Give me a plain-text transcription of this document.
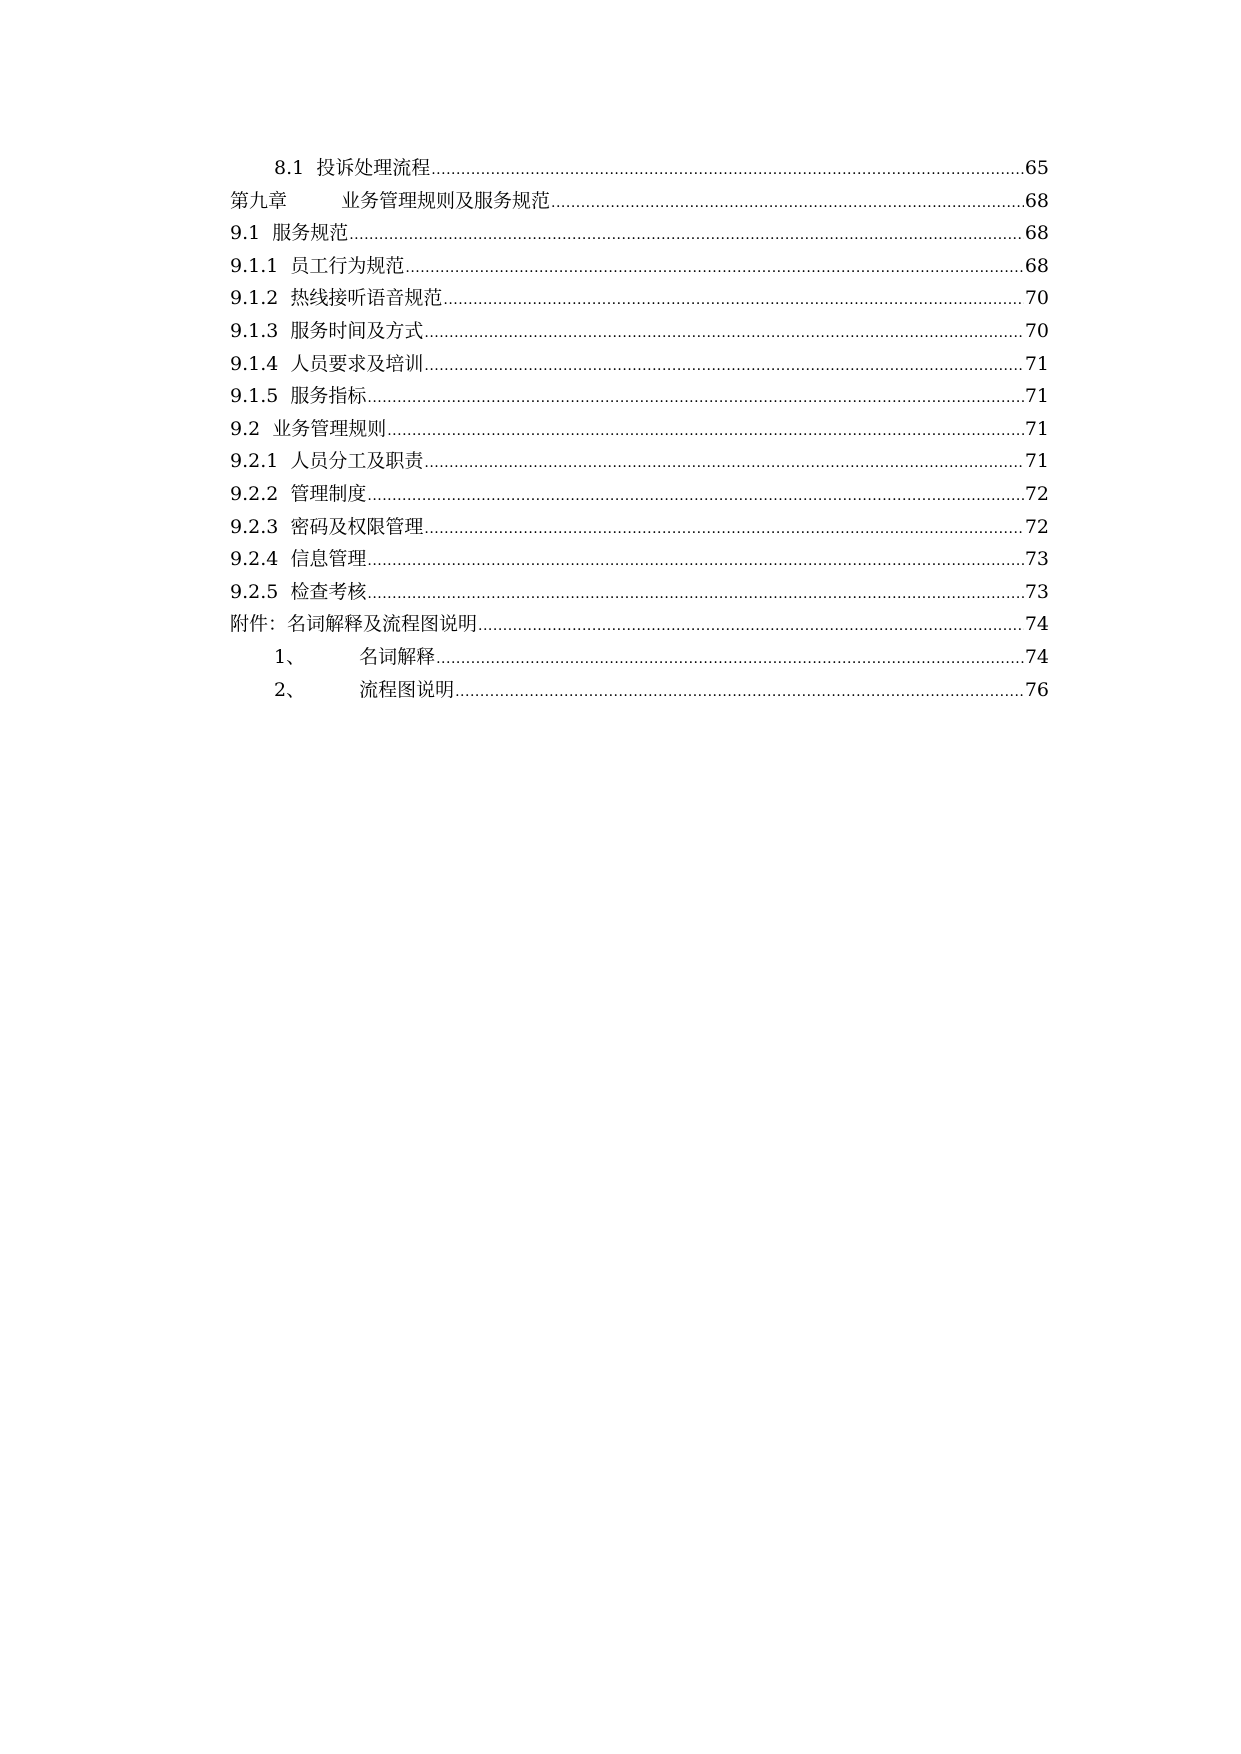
8.1 投诉处理流程 .....	65
第九章	业务管理规则及服务规范 .....	68
9.1 服务规范 .....	68
9.1.1 员工行为规范 .....	68
9.1.2 热线接听语音规范 .....	70
9.1.3 服务时间及方式 .....	70
9.1.4 人员要求及培训 .....	71
9.1.5 服务指标 .....	71
9.2 业务管理规则 .....	71
9.2.1 人员分工及职责 .....	71
9.2.2 管理制度 .....	72
9.2.3 密码及权限管理 .....	72
9.2.4 信息管理 .....	73
9.2.5 检查考核 .....	73
附件：名词解释及流程图说明 .....	74
1、	名词解释 .....	74
2、	流程图说明 .....	76
